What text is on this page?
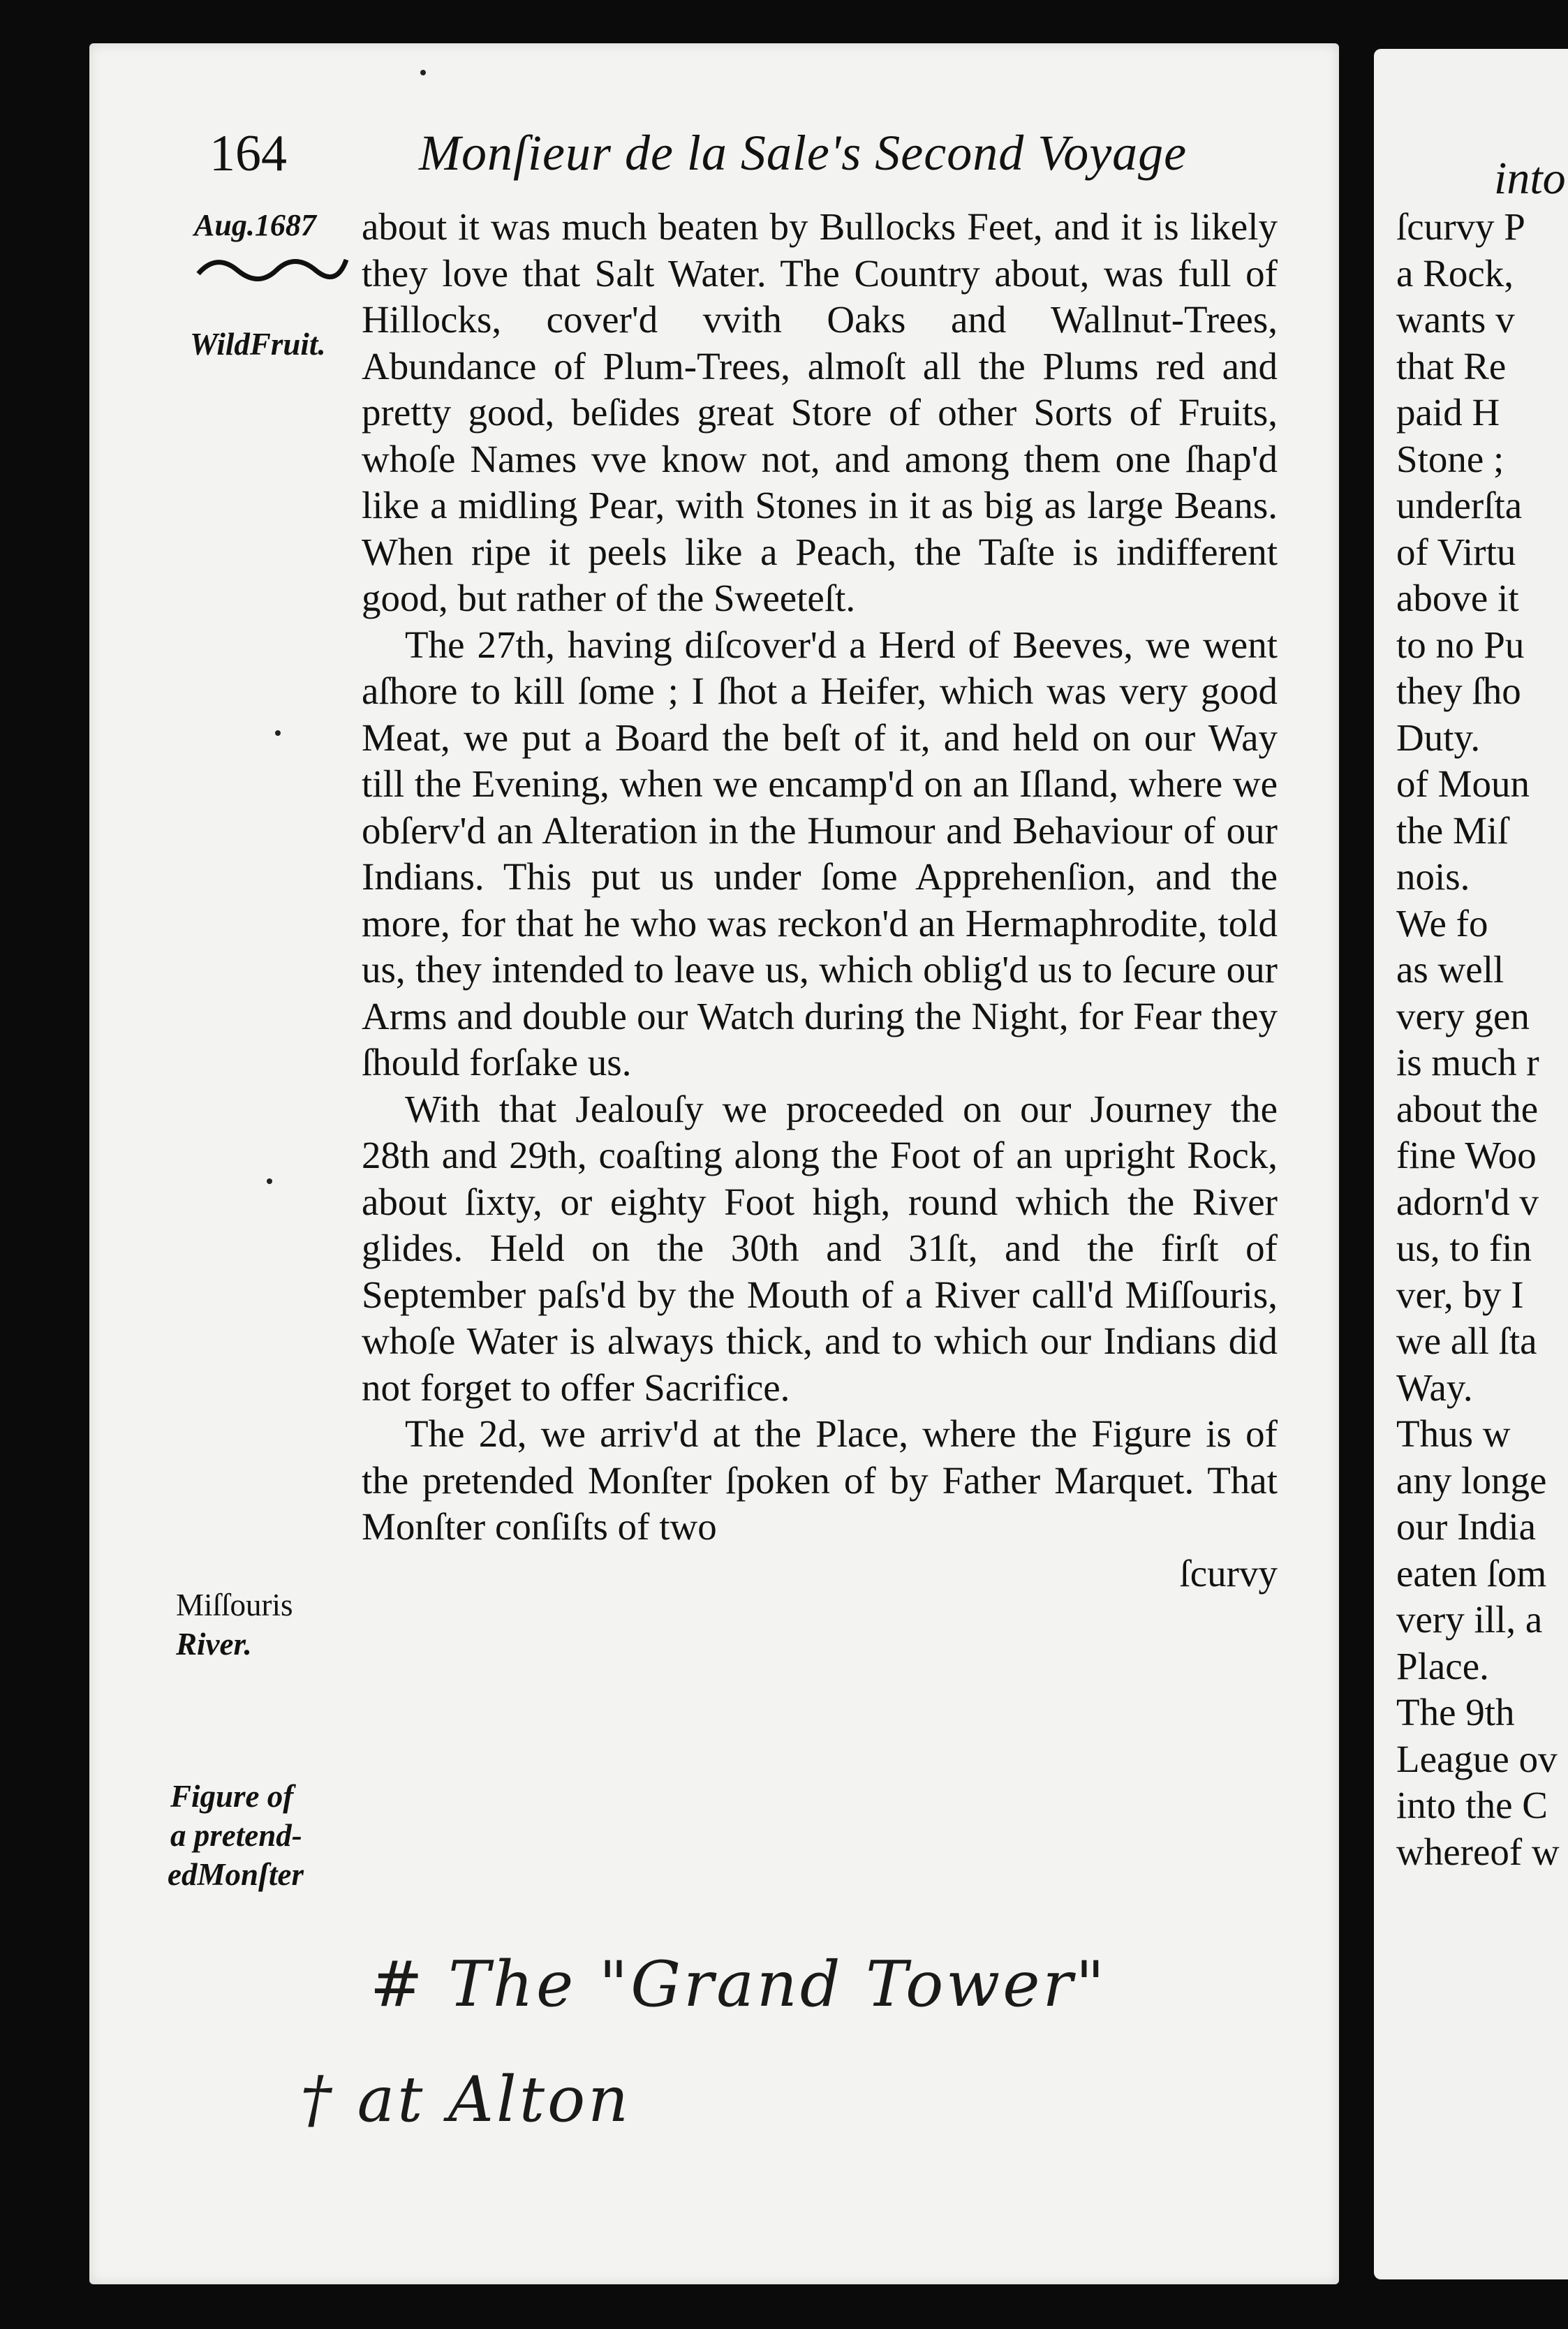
164	Monſieur de la Sale's Second Voyage
Aug.1687
WildFruit.
Miſſouris
River.
Figure of
a pretend-
edMonſter

about it was much beaten by Bullocks Feet, and it is likely they love that Salt Water. The Country about, was full of Hillocks, cover'd vvith Oaks and Wallnut-Trees, Abundance of Plum-Trees, almoſt all the Plums red and pretty good, beſides great Store of other Sorts of Fruits, whoſe Names vve know not, and among them one ſhap'd like a midling Pear, with Stones in it as big as large Beans. When ripe it peels like a Peach, the Taſte is indifferent good, but rather of the Sweeteſt.

The 27th, having diſcover'd a Herd of Beeves, we went aſhore to kill ſome ; I ſhot a Heifer, which was very good Meat, we put a Board the beſt of it, and held on our Way till the Evening, when we encamp'd on an Iſland, where we obſerv'd an Alteration in the Humour and Behaviour of our Indians. This put us under ſome Apprehenſion, and the more, for that he who was reckon'd an Hermaphrodite, told us, they intended to leave us, which oblig'd us to ſecure our Arms and double our Watch during the Night, for Fear they ſhould forſake us.

With that Jealouſy we proceeded on our Journey the 28th and 29th, coaſting along the Foot of an upright Rock, about ſixty, or eighty Foot high, round which the River glides. Held on the 30th and 31ſt, and the firſt of September paſs'd by the Mouth of a River call'd Miſſouris, whoſe Water is always thick, and to which our Indians did not forget to offer Sacrifice.

The 2d, we arriv'd at the Place, where the Figure is of the pretended Monſter ſpoken of by Father Marquet. That Monſter conſiſts of two

ſcurvy

# The "Grand Tower"
† at Alton
into
ſcurvy P
a Rock,
wants v
that Re
paid H
Stone ;
underſta
of Virtu
above it
to no Pu
they ſho
Duty.
of Moun
the Miſ
nois.
We fo
as well
very gen
is much r
about the
fine Woo
adorn'd v
us, to fin
ver, by I
we all ſta
Way.
Thus w
any longe
our India
eaten ſom
very ill, a
Place.
The 9th
League ov
into the C
whereof w
